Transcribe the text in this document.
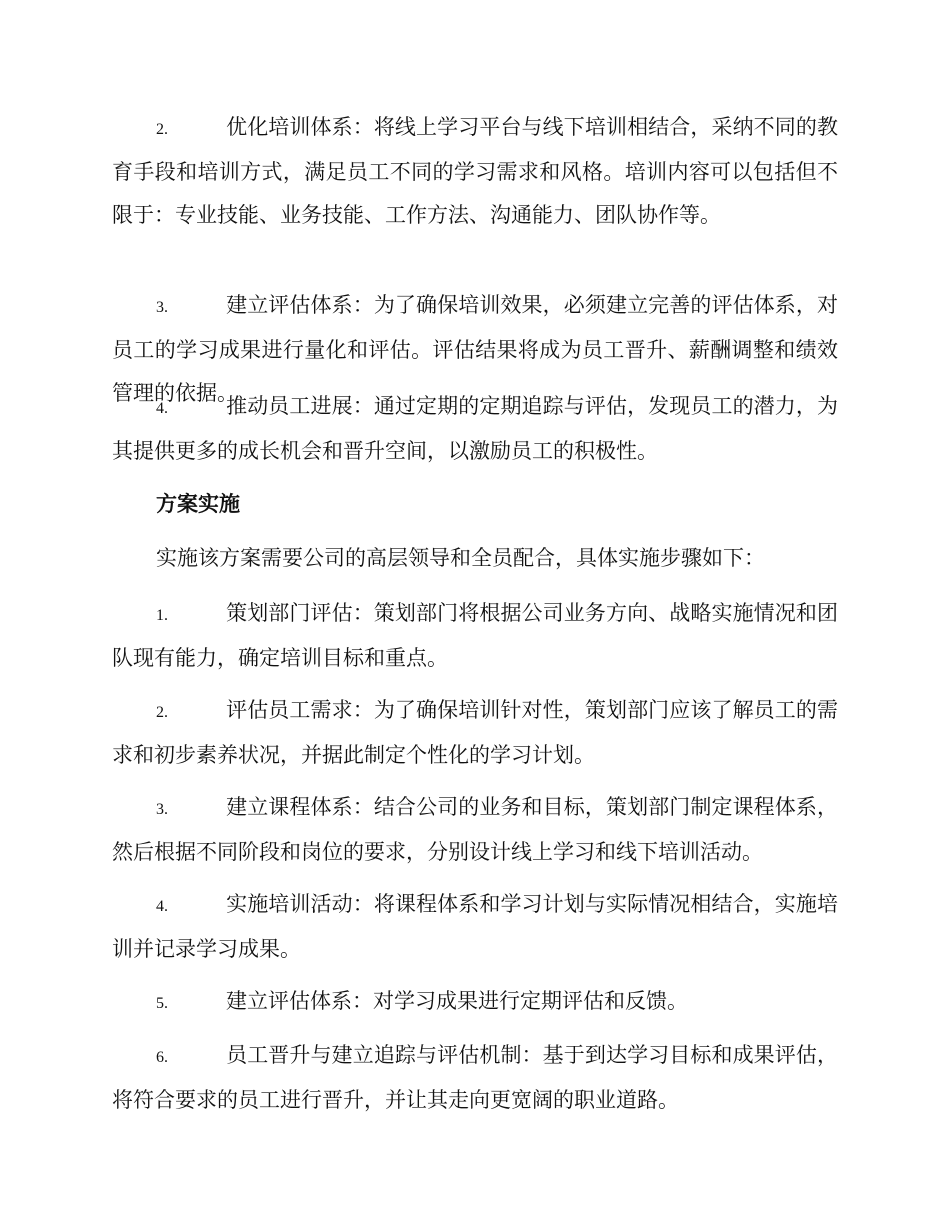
2.	优化培训体系：将线上学习平台与线下培训相结合，采纳不同的教育手段和培训方式，满足员工不同的学习需求和风格。培训内容可以包括但不限于：专业技能、业务技能、工作方法、沟通能力、团队协作等。
3.	建立评估体系：为了确保培训效果，必须建立完善的评估体系，对员工的学习成果进行量化和评估。评估结果将成为员工晋升、薪酬调整和绩效管理的依据。
4.	推动员工进展：通过定期的定期追踪与评估，发现员工的潜力，为其提供更多的成长机会和晋升空间，以激励员工的积极性。
方案实施
实施该方案需要公司的高层领导和全员配合，具体实施步骤如下：
1.	策划部门评估：策划部门将根据公司业务方向、战略实施情况和团队现有能力，确定培训目标和重点。
2.	评估员工需求：为了确保培训针对性，策划部门应该了解员工的需求和初步素养状况，并据此制定个性化的学习计划。
3.	建立课程体系：结合公司的业务和目标，策划部门制定课程体系，然后根据不同阶段和岗位的要求，分别设计线上学习和线下培训活动。
4.	实施培训活动：将课程体系和学习计划与实际情况相结合，实施培训并记录学习成果。
5.	建立评估体系：对学习成果进行定期评估和反馈。
6.	员工晋升与建立追踪与评估机制：基于到达学习目标和成果评估，将符合要求的员工进行晋升，并让其走向更宽阔的职业道路。
